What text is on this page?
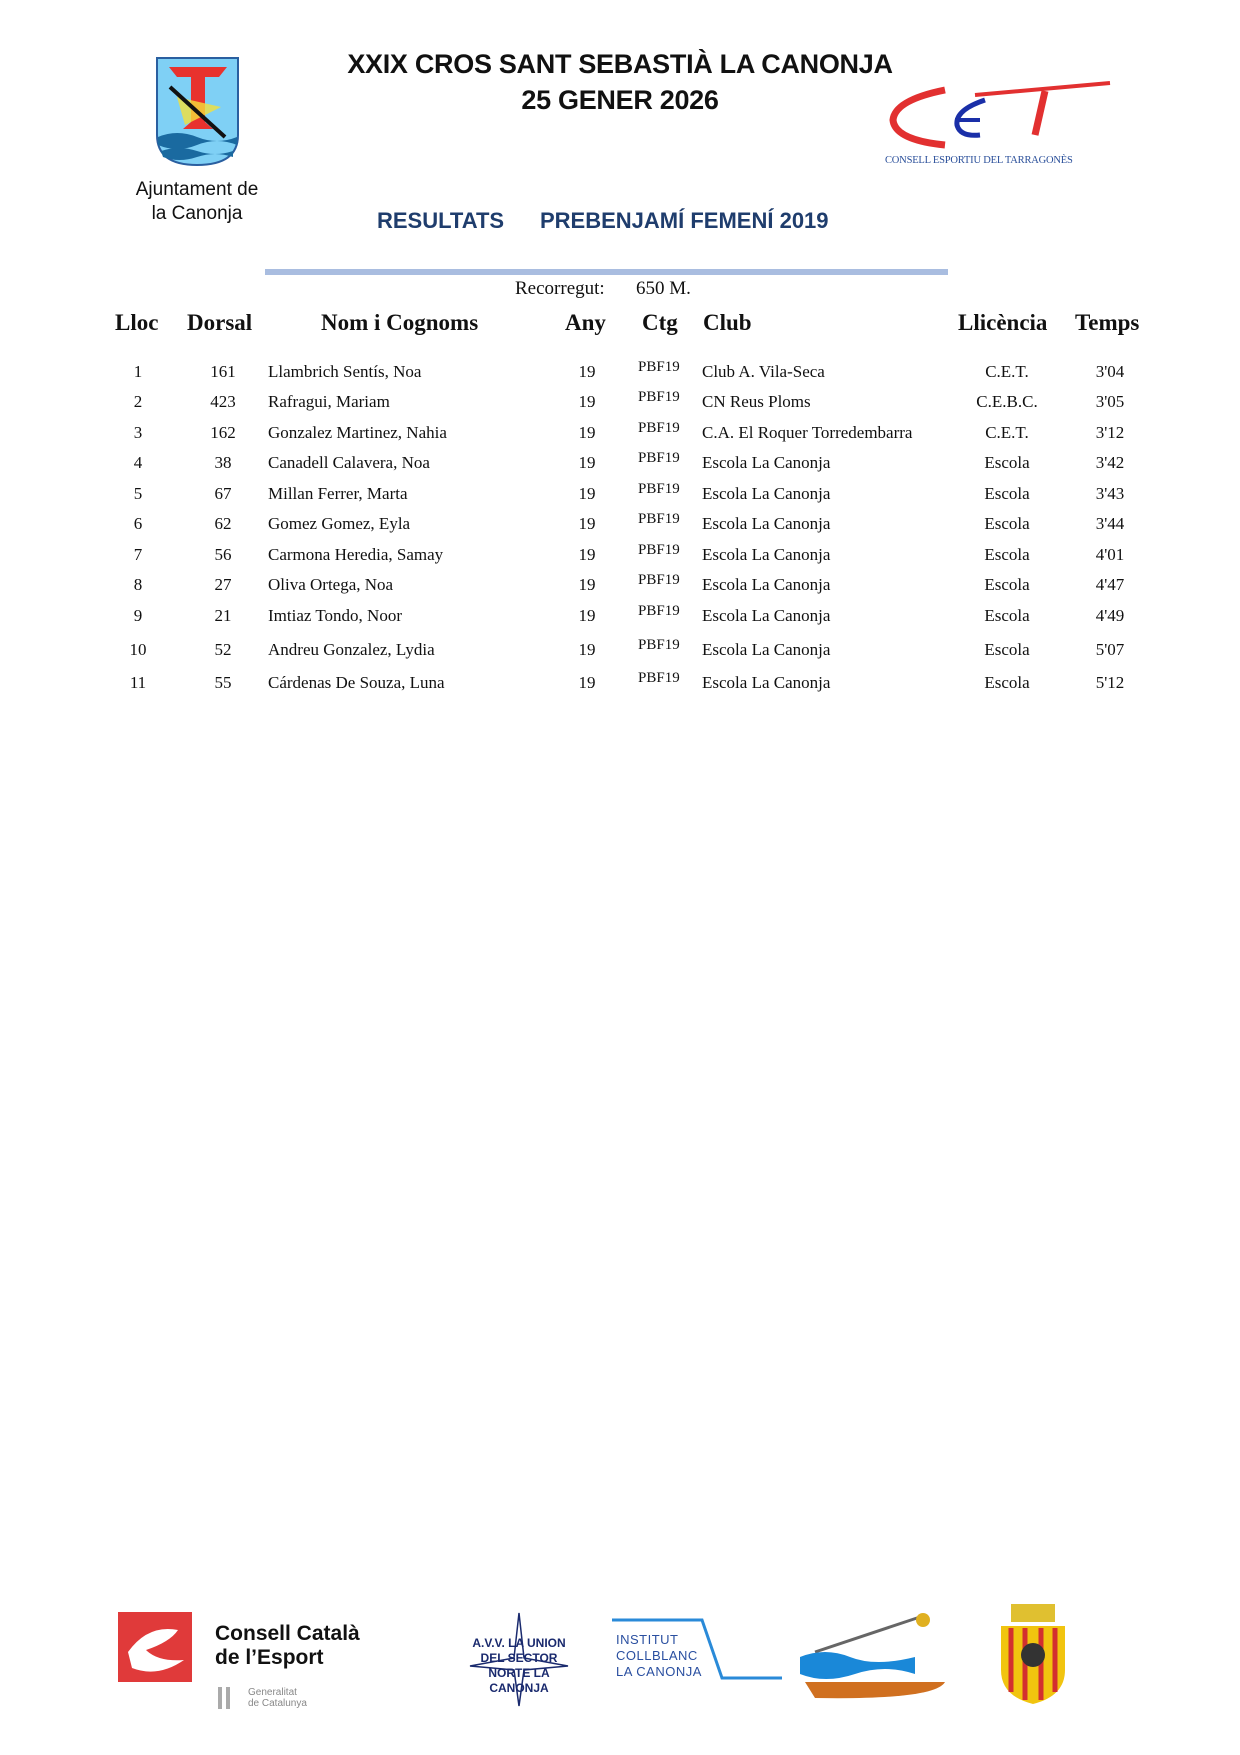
Ajuntament de
la Canonja
XXIX CROS SANT SEBASTIÀ LA CANONJA
25 GENER 2026
CONSELL ESPORTIU DEL TARRAGONÈS
RESULTATS PREBENJAMÍ FEMENÍ 2019
Recorregut: 650 M.
Lloc Dorsal	Nom i Cognoms	Any Ctg Club	Llicència Temps
1	161 Llambrich Sentís, Noa	19	PBF19 Club A. Vila-Seca	C.E.T.	3'04
2	423 Rafragui, Mariam	19	PBF19 CN Reus Ploms	C.E.B.C.	3'05
3	162 Gonzalez Martinez, Nahia	19	PBF19 C.A. El Roquer Torredembarra	C.E.T.	3'12
4	38 Canadell Calavera, Noa	19	PBF19 Escola La Canonja	Escola	3'42
5	67 Millan Ferrer, Marta	19	PBF19 Escola La Canonja	Escola	3'43
6	62 Gomez Gomez, Eyla	19	PBF19 Escola La Canonja	Escola	3'44
7	56 Carmona Heredia, Samay	19	PBF19 Escola La Canonja	Escola	4'01
8	27 Oliva Ortega, Noa	19	PBF19 Escola La Canonja	Escola	4'47
9	21 Imtiaz Tondo, Noor	19	PBF19 Escola La Canonja	Escola	4'49
10	52 Andreu Gonzalez, Lydia	19	PBF19 Escola La Canonja	Escola	5'07
11	55 Cárdenas De Souza, Luna	19	PBF19 Escola La Canonja	Escola	5'12
Consell Català
de l’Esport
Generalitat
de Catalunya
A.V.V. LA UNION DEL SECTOR NORTE LA CANONJA
INSTITUT COLLBLANC LA CANONJA
